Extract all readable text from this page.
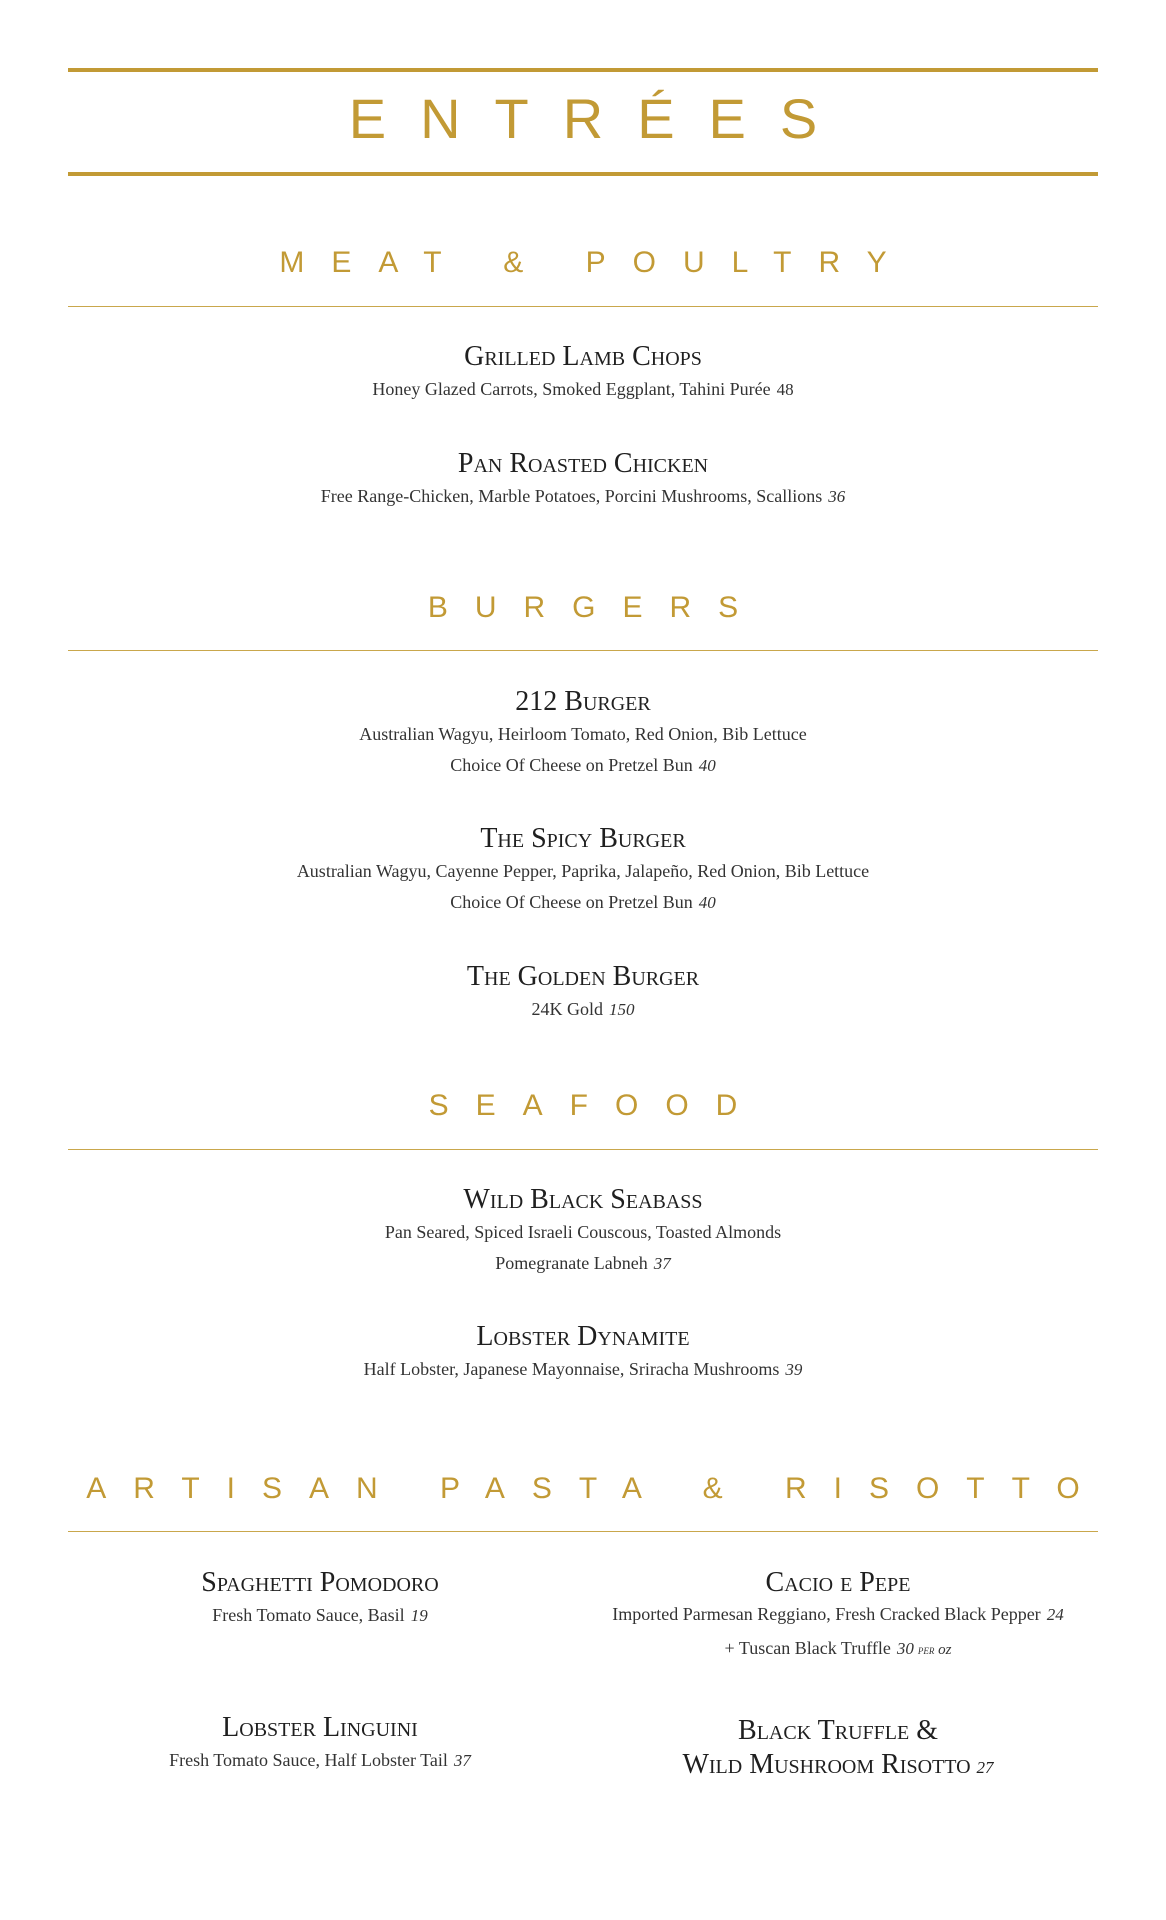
ENTRÉES
MEAT & POULTRY
Grilled Lamb Chops
Honey Glazed Carrots, Smoked Eggplant, Tahini Purée 48
Pan Roasted Chicken
Free Range-Chicken, Marble Potatoes, Porcini Mushrooms, Scallions 36
BURGERS
212 Burger
Australian Wagyu, Heirloom Tomato, Red Onion, Bib Lettuce
Choice Of Cheese on Pretzel Bun 40
The Spicy Burger
Australian Wagyu, Cayenne Pepper, Paprika, Jalapeño, Red Onion, Bib Lettuce
Choice Of Cheese on Pretzel Bun 40
The Golden Burger
24K Gold 150
SEAFOOD
Wild Black Seabass
Pan Seared, Spiced Israeli Couscous, Toasted Almonds
Pomegranate Labneh 37
Lobster Dynamite
Half Lobster, Japanese Mayonnaise, Sriracha Mushrooms 39
ARTISAN PASTA & RISOTTO
Spaghetti Pomodoro
Fresh Tomato Sauce, Basil 19
Cacio e Pepe
Imported Parmesan Reggiano, Fresh Cracked Black Pepper 24
+ Tuscan Black Truffle 30 per oz
Lobster Linguini
Fresh Tomato Sauce, Half Lobster Tail 37
Black Truffle &
Wild Mushroom Risotto 27
